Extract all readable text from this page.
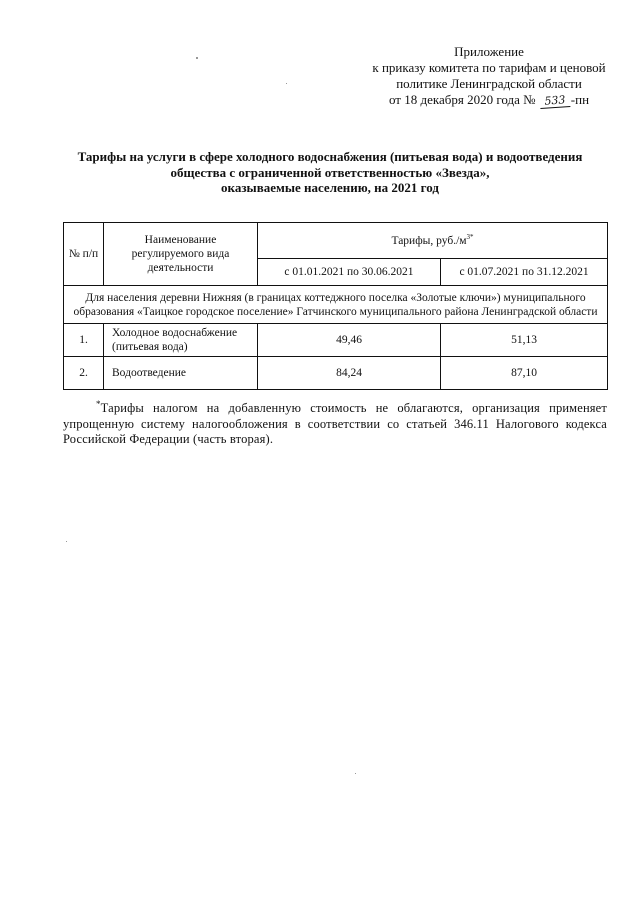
Приложение
к приказу комитета по тарифам и ценовой
политике Ленинградской области
от 18 декабря 2020 года № 533 -пн
Тарифы на услуги в сфере холодного водоснабжения (питьевая вода) и водоотведения
общества с ограниченной ответственностью «Звезда»,
оказываемые населению, на 2021 год
№ п/п	Наименование регулируемого вида деятельности	Тарифы, $руб./м^{3*}$
		с 01.01.2021 по 30.06.2021	с 01.07.2021 по 31.12.2021
Для населения деревни Нижняя (в границах коттеджного поселка «Золотые ключи») муниципального образования «Таицкое городское поселение» Гатчинского муниципального района Ленинградской области			
1.	Холодное водоснабжение (питьевая вода)	49,46	51,13
2.	Водоотведение	84,24	87,10
*Тарифы налогом на добавленную стоимость не облагаются, организация применяет упрощенную систему налогообложения в соответствии со статьей 346.11 Налогового кодекса Российской Федерации (часть вторая).
